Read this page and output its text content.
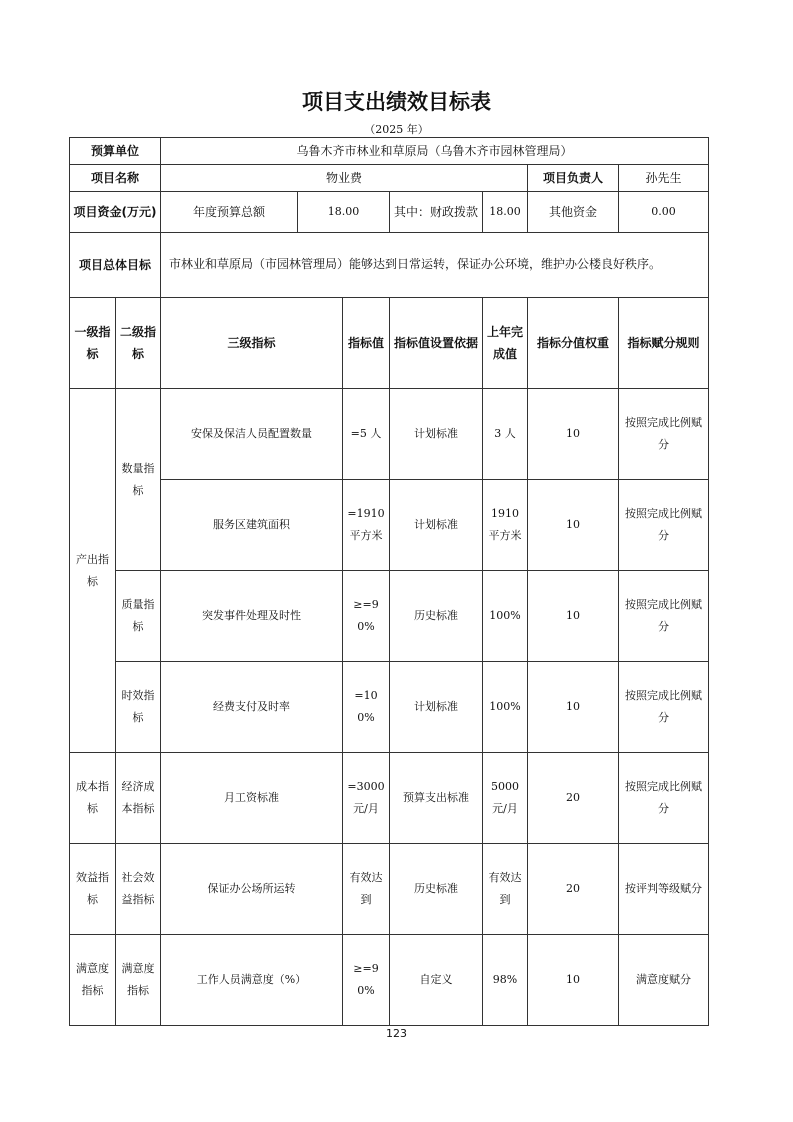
项目支出绩效目标表
（2025 年）
预算单位		乌鲁木齐市林业和草原局（乌鲁木齐市园林管理局）							
项目名称		物业费					项目负责人	孙先生	
项目资金(万元)		年度预算总额	18.00		其中：财政拨款	18.00	其他资金	0.00	
项目总体目标		市林业和草原局（市园林管理局）能够达到日常运转，保证办公环境，维护办公楼良好秩序。							
一级指标	二级指标	三级指标		指标值	指标值设置依据	上年完成值	指标分值权重	指标赋分规则	
产出指标	数量指标	安保及保洁人员配置数量		=5 人	计划标准	3 人	10	按照完成比例赋分	
		服务区建筑面积		=1910平方米	计划标准	1910平方米	10	按照完成比例赋分	
	质量指标	突发事件处理及时性		≥=90%	历史标准	100%	10	按照完成比例赋分	
	时效指标	经费支付及时率		=100%	计划标准	100%	10	按照完成比例赋分	
成本指标	经济成本指标	月工资标准		=3000元/月	预算支出标准	5000元/月	20	按照完成比例赋分	
效益指标	社会效益指标	保证办公场所运转		有效达到	历史标准	有效达到	20	按评判等级赋分	
满意度指标	满意度指标	工作人员满意度（%）		≥=90%	自定义	98%	10	满意度赋分	
123
